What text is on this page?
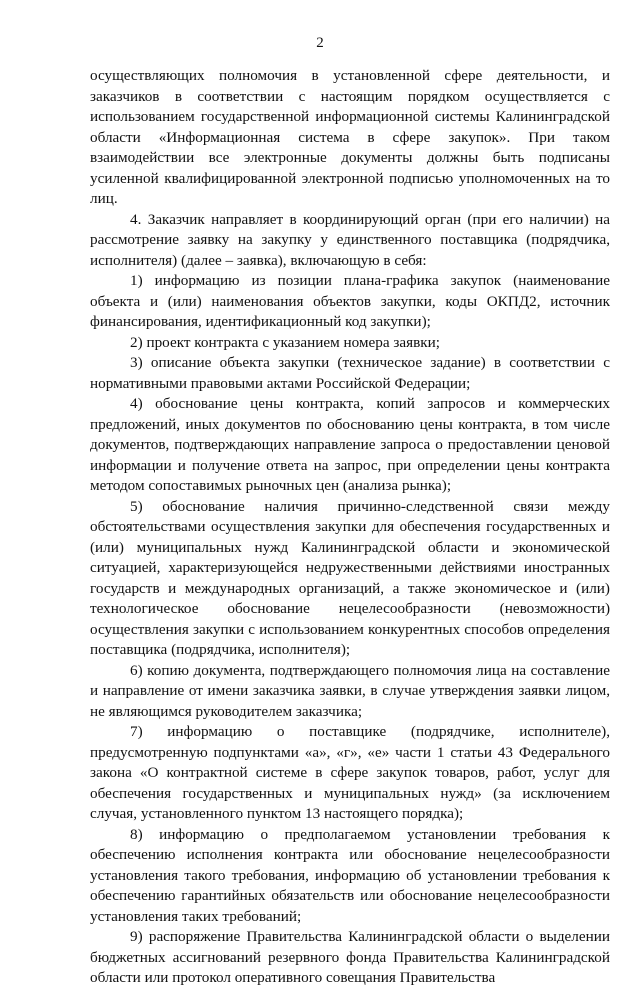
2

осуществляющих полномочия в установленной сфере деятельности, и заказчиков в соответствии с настоящим порядком осуществляется с использованием государственной информационной системы Калининградской области «Информационная система в сфере закупок». При таком взаимодействии все электронные документы должны быть подписаны усиленной квалифицированной электронной подписью уполномоченных на то лиц.

4. Заказчик направляет в координирующий орган (при его наличии) на рассмотрение заявку на закупку у единственного поставщика (подрядчика, исполнителя) (далее – заявка), включающую в себя:

1) информацию из позиции плана-графика закупок (наименование объекта и (или) наименования объектов закупки, коды ОКПД2, источник финансирования, идентификационный код закупки);

2) проект контракта с указанием номера заявки;

3) описание объекта закупки (техническое задание) в соответствии с нормативными правовыми актами Российской Федерации;

4) обоснование цены контракта, копий запросов и коммерческих предложений, иных документов по обоснованию цены контракта, в том числе документов, подтверждающих направление запроса о предоставлении ценовой информации и получение ответа на запрос, при определении цены контракта методом сопоставимых рыночных цен (анализа рынка);

5) обоснование наличия причинно-следственной связи между обстоятельствами осуществления закупки для обеспечения государственных и (или) муниципальных нужд Калининградской области и экономической ситуацией, характеризующейся недружественными действиями иностранных государств и международных организаций, а также экономическое и (или) технологическое обоснование нецелесообразности (невозможности) осуществления закупки с использованием конкурентных способов определения поставщика (подрядчика, исполнителя);

6) копию документа, подтверждающего полномочия лица на составление и направление от имени заказчика заявки, в случае утверждения заявки лицом, не являющимся руководителем заказчика;

7) информацию о поставщике (подрядчике, исполнителе), предусмотренную подпунктами «а», «г», «е» части 1 статьи 43 Федерального закона «О контрактной системе в сфере закупок товаров, работ, услуг для обеспечения государственных и муниципальных нужд» (за исключением случая, установленного пунктом 13 настоящего порядка);

8) информацию о предполагаемом установлении требования к обеспечению исполнения контракта или обоснование нецелесообразности установления такого требования, информацию об установлении требования к обеспечению гарантийных обязательств или обоснование нецелесообразности установления таких требований;

9) распоряжение Правительства Калининградской области о выделении бюджетных ассигнований резервного фонда Правительства Калининградской области или протокол оперативного совещания Правительства
